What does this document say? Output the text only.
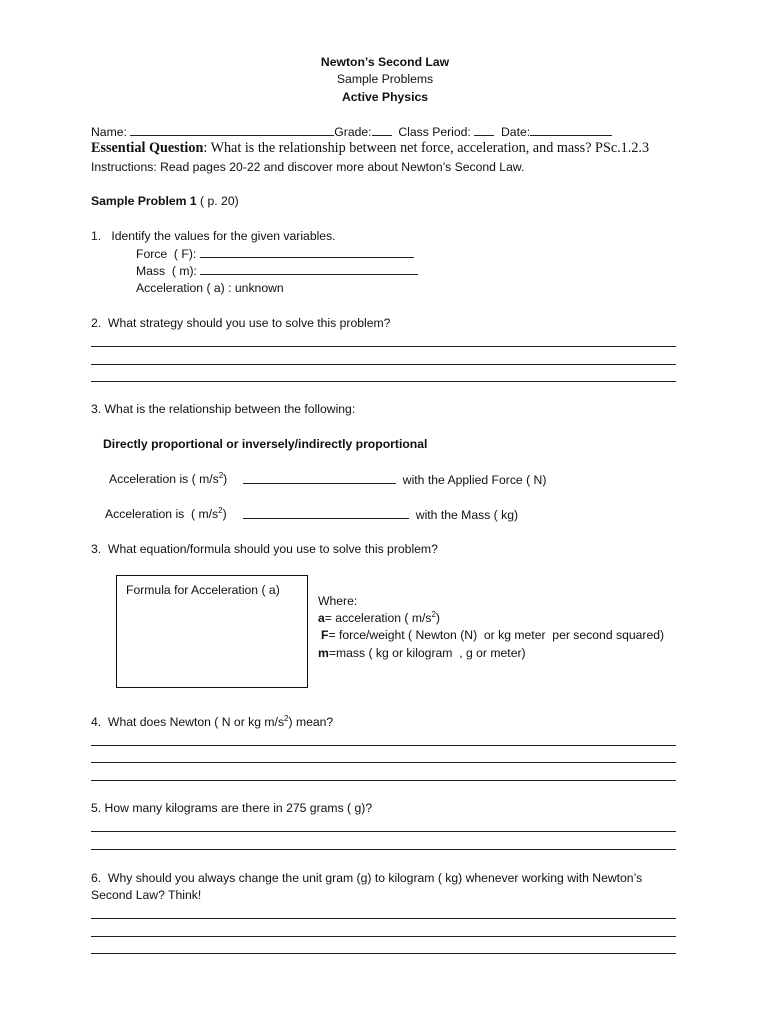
Newton’s Second Law
Sample Problems
Active Physics
Name:	Grade: Class Period:   Date:
Essential Question: What is the relationship between net force, acceleration, and mass? PSc.1.2.3
Instructions: Read pages 20-22 and discover more about Newton’s Second Law.
Sample Problem 1 ( p. 20)
1.   Identify the values for the given variables.
Force  ( F):
Mass  ( m):
Acceleration ( a) : unknown
2.  What strategy should you use to solve this problem?
3. What is the relationship between the following:
Directly proportional or inversely/indirectly proportional
Acceleration is ( $m/s^2$)	with the Applied Force ( N)
Acceleration is  ( $m/s^2$)	with the Mass ( kg)
3.  What equation/formula should you use to solve this problem?
Formula for Acceleration ( a)
Where:
a= acceleration ( $m/s^2$)
F= force/weight ( Newton (N)  or kg meter  per second squared)
m=mass ( kg or kilogram  , g or meter)
4.  What does Newton ( N or kg $m/s^2$) mean?
5. How many kilograms are there in 275 grams ( g)?
6.  Why should you always change the unit gram (g) to kilogram ( kg) whenever working with Newton’s
Second Law? Think!
